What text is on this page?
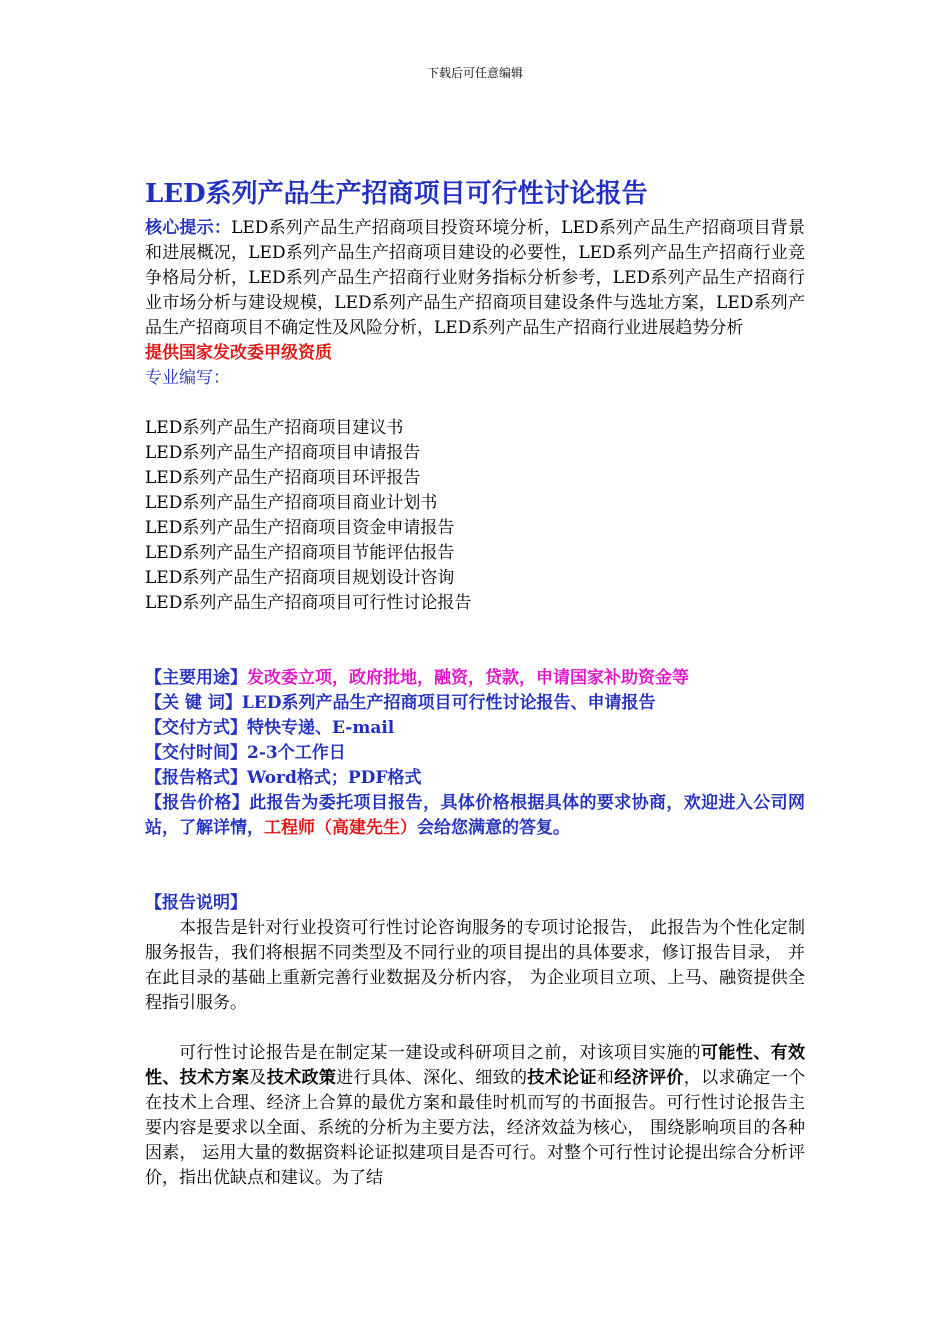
下载后可任意编辑
LED系列产品生产招商项目可行性讨论报告

核心提示：LED系列产品生产招商项目投资环境分析，LED系列产品生产招商项目背景和进展概况，LED系列产品生产招商项目建设的必要性，LED系列产品生产招商行业竞争格局分析，LED系列产品生产招商行业财务指标分析参考，LED系列产品生产招商行业市场分析与建设规模，LED系列产品生产招商项目建设条件与选址方案，LED系列产品生产招商项目不确定性及风险分析，LED系列产品生产招商行业进展趋势分析

提供国家发改委甲级资质
专业编写：
LED系列产品生产招商项目建议书
LED系列产品生产招商项目申请报告
LED系列产品生产招商项目环评报告
LED系列产品生产招商项目商业计划书
LED系列产品生产招商项目资金申请报告
LED系列产品生产招商项目节能评估报告
LED系列产品生产招商项目规划设计咨询
LED系列产品生产招商项目可行性讨论报告
【主要用途】发改委立项，政府批地，融资，贷款，申请国家补助资金等
【关 键 词】LED系列产品生产招商项目可行性讨论报告、申请报告
【交付方式】特快专递、E-mail
【交付时间】2-3个工作日
【报告格式】Word格式；PDF格式
【报告价格】此报告为委托项目报告，具体价格根据具体的要求协商，欢迎进入公司网站，了解详情，工程师（高建先生）会给您满意的答复。
【报告说明】

本报告是针对行业投资可行性讨论咨询服务的专项讨论报告， 此报告为个性化定制服务报告，我们将根据不同类型及不同行业的项目提出的具体要求，修订报告目录， 并在此目录的基础上重新完善行业数据及分析内容， 为企业项目立项、上马、融资提供全程指引服务。

可行性讨论报告是在制定某一建设或科研项目之前，对该项目实施的可能性、有效性、技术方案及技术政策进行具体、深化、细致的技术论证和经济评价，以求确定一个在技术上合理、经济上合算的最优方案和最佳时机而写的书面报告。可行性讨论报告主要内容是要求以全面、系统的分析为主要方法，经济效益为核心， 围绕影响项目的各种因素， 运用大量的数据资料论证拟建项目是否可行。对整个可行性讨论提出综合分析评价，指出优缺点和建议。为了结
